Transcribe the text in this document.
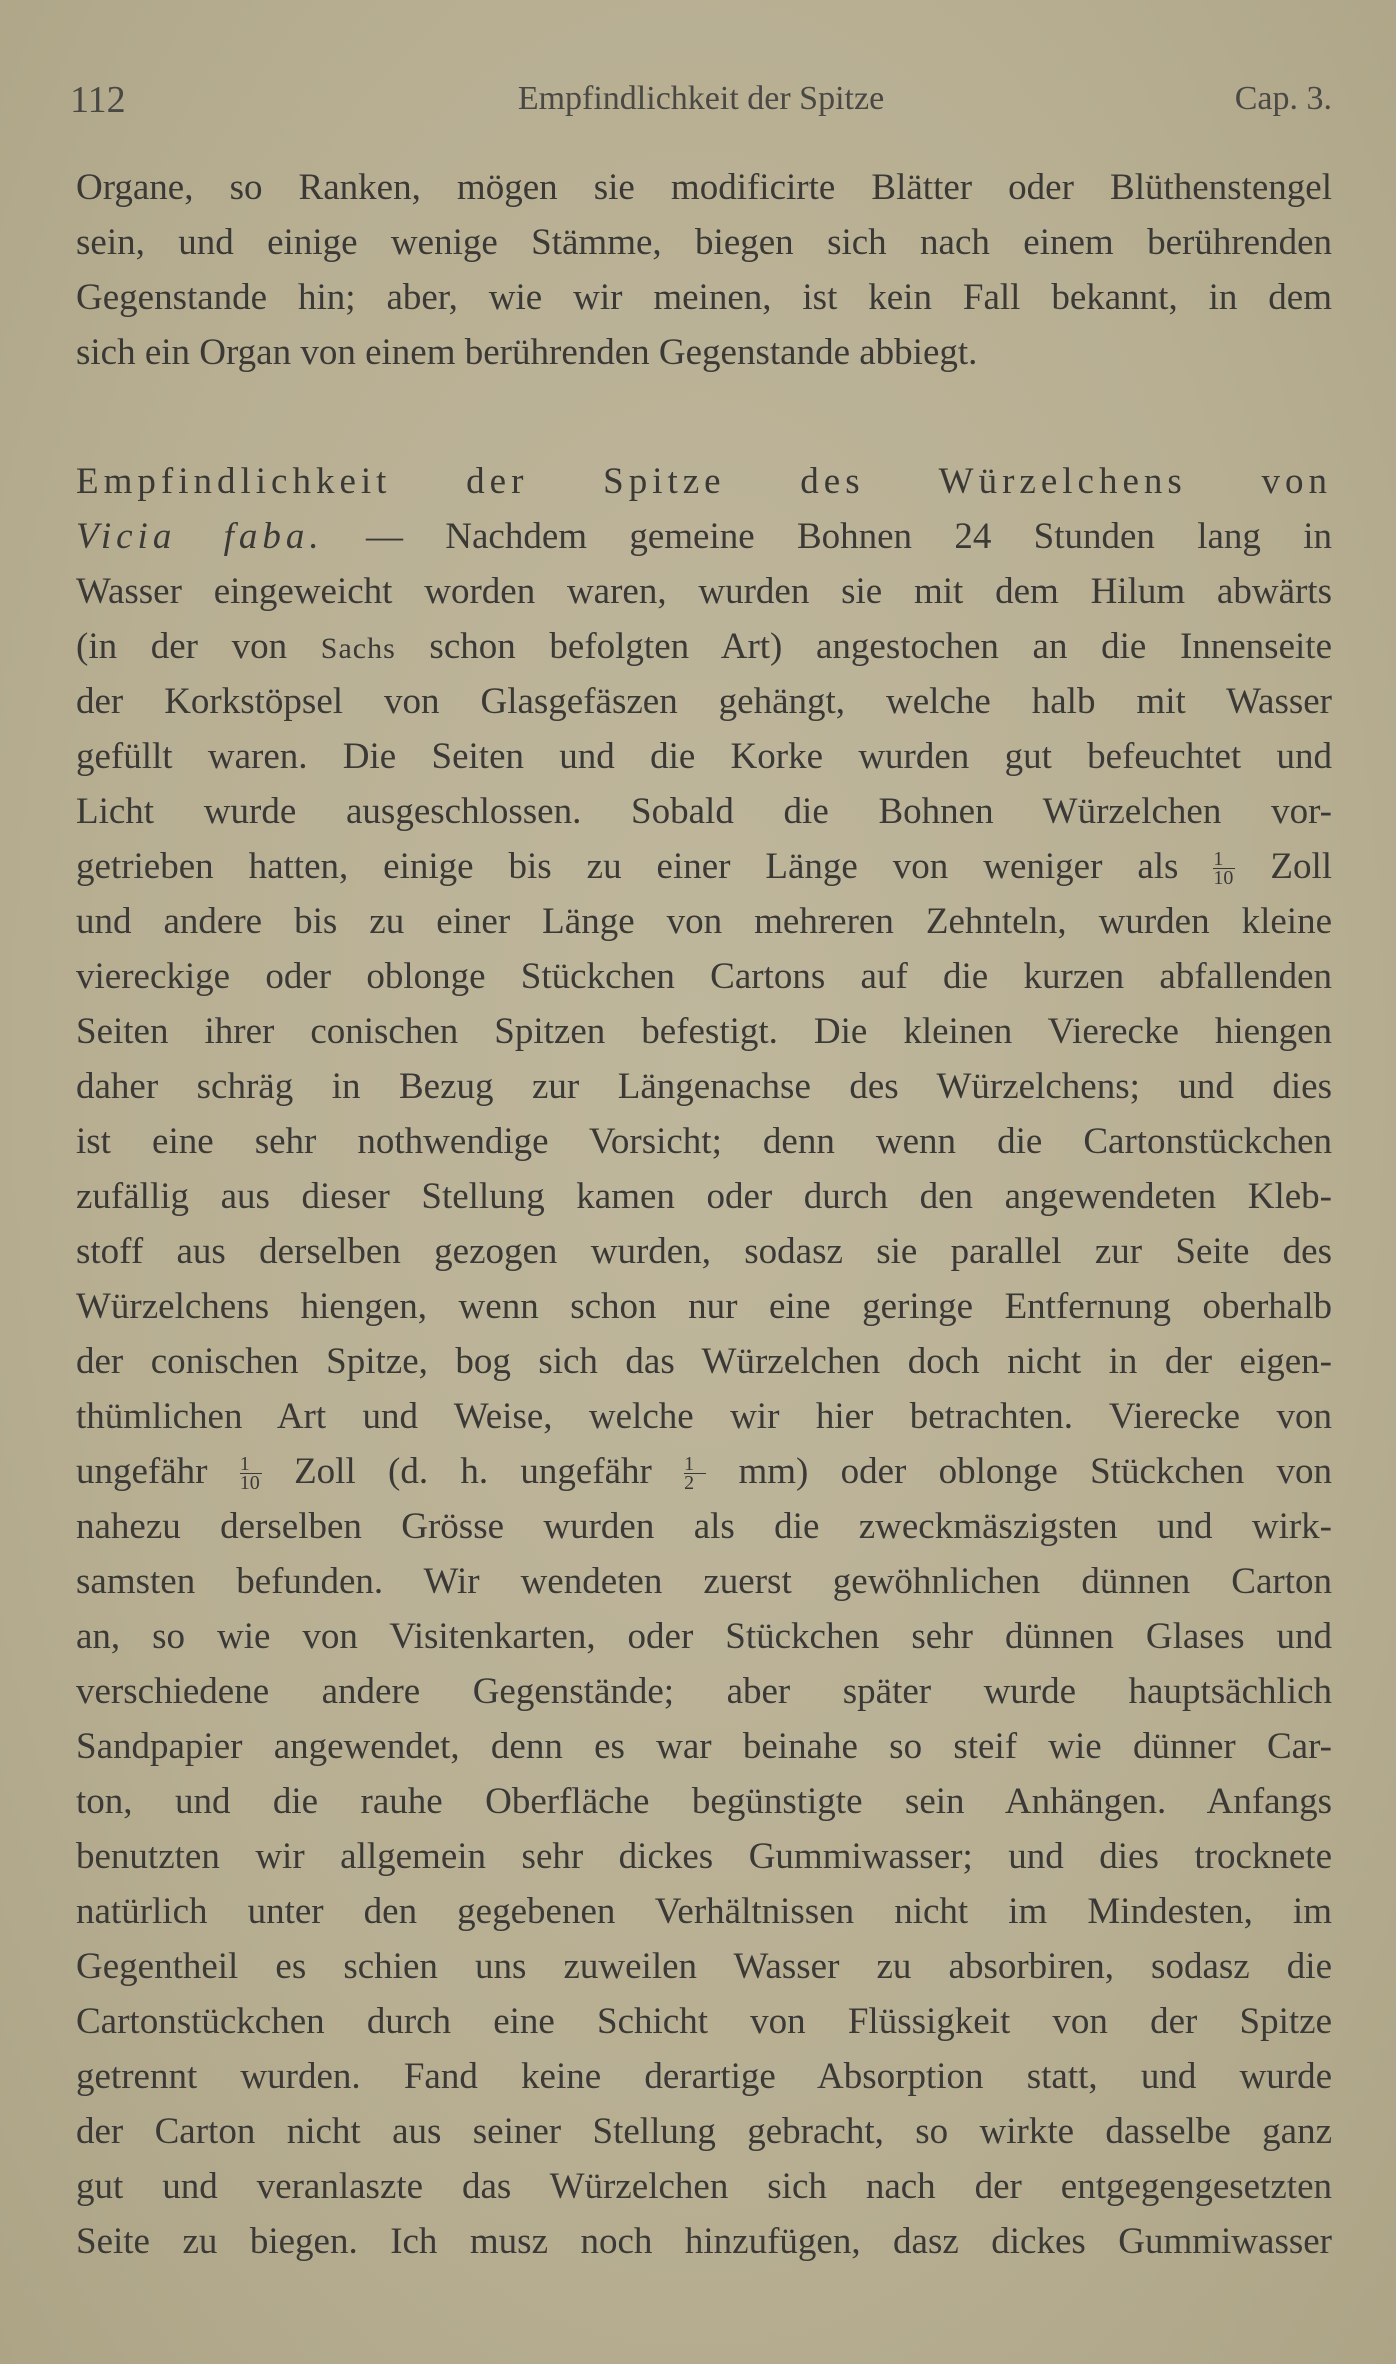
112	Empfindlichkeit der Spitze	Cap. 3.
Organe, so Ranken, mögen sie modificirte Blätter oder Blüthenstengel
sein, und einige wenige Stämme, biegen sich nach einem berührenden
Gegenstande hin; aber, wie wir meinen, ist kein Fall bekannt, in dem
sich ein Organ von einem berührenden Gegenstande abbiegt.
Empfindlichkeit der Spitze des Würzelchens von
Vicia faba. — Nachdem gemeine Bohnen 24 Stunden lang in
Wasser eingeweicht worden waren, wurden sie mit dem Hilum abwärts
(in der von Sachs schon befolgten Art) angestochen an die Innenseite
der Korkstöpsel von Glasgefäszen gehängt, welche halb mit Wasser
gefüllt waren. Die Seiten und die Korke wurden gut befeuchtet und
Licht wurde ausgeschlossen. Sobald die Bohnen Würzelchen vor-
getrieben hatten, einige bis zu einer Länge von weniger als $\frac{1}{10}$ Zoll
und andere bis zu einer Länge von mehreren Zehnteln, wurden kleine
viereckige oder oblonge Stückchen Cartons auf die kurzen abfallenden
Seiten ihrer conischen Spitzen befestigt. Die kleinen Vierecke hiengen
daher schräg in Bezug zur Längenachse des Würzelchens; und dies
ist eine sehr nothwendige Vorsicht; denn wenn die Cartonstückchen
zufällig aus dieser Stellung kamen oder durch den angewendeten Kleb-
stoff aus derselben gezogen wurden, sodasz sie parallel zur Seite des
Würzelchens hiengen, wenn schon nur eine geringe Entfernung oberhalb
der conischen Spitze, bog sich das Würzelchen doch nicht in der eigen-
thümlichen Art und Weise, welche wir hier betrachten. Vierecke von
ungefähr $\frac{1}{10}$ Zoll (d. h. ungefähr $\frac{1}{2} mm$) oder oblonge Stückchen von
nahezu derselben Grösse wurden als die zweckmäszigsten und wirk-
samsten befunden. Wir wendeten zuerst gewöhnlichen dünnen Carton
an, so wie von Visitenkarten, oder Stückchen sehr dünnen Glases und
verschiedene andere Gegenstände; aber später wurde hauptsächlich
Sandpapier angewendet, denn es war beinahe so steif wie dünner Car-
ton, und die rauhe Oberfläche begünstigte sein Anhängen. Anfangs
benutzten wir allgemein sehr dickes Gummiwasser; und dies trocknete
natürlich unter den gegebenen Verhältnissen nicht im Mindesten, im
Gegentheil es schien uns zuweilen Wasser zu absorbiren, sodasz die
Cartonstückchen durch eine Schicht von Flüssigkeit von der Spitze
getrennt wurden. Fand keine derartige Absorption statt, und wurde
der Carton nicht aus seiner Stellung gebracht, so wirkte dasselbe ganz
gut und veranlaszte das Würzelchen sich nach der entgegengesetzten
Seite zu biegen. Ich musz noch hinzufügen, dasz dickes Gummiwasser
